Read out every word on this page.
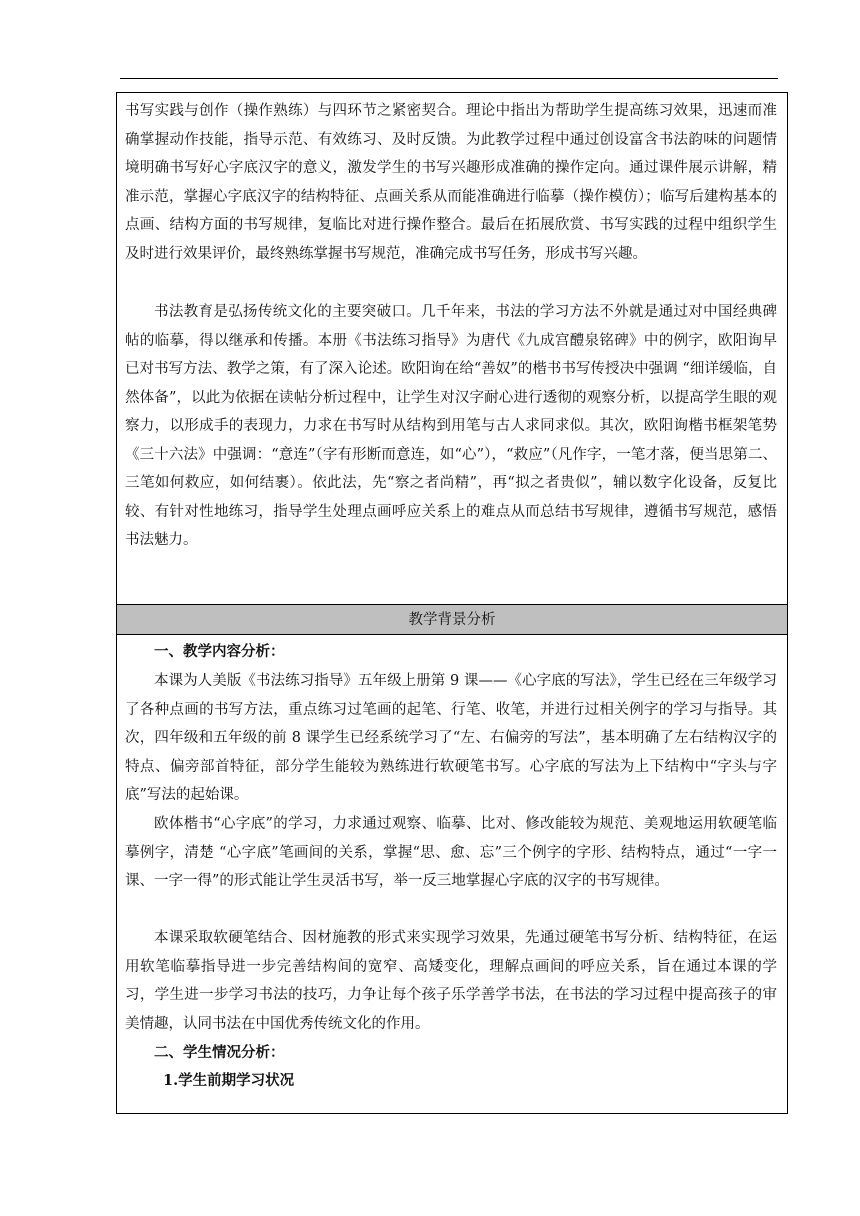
书写实践与创作（操作熟练）与四环节之紧密契合。理论中指出为帮助学生提高练习效果，迅速而准确掌握动作技能，指导示范、有效练习、及时反馈。为此教学过程中通过创设富含书法韵味的问题情境明确书写好心字底汉字的意义，激发学生的书写兴趣形成准确的操作定向。通过课件展示讲解，精准示范，掌握心字底汉字的结构特征、点画关系从而能准确进行临摹（操作模仿）；临写后建构基本的点画、结构方面的书写规律，复临比对进行操作整合。最后在拓展欣赏、书写实践的过程中组织学生及时进行效果评价，最终熟练掌握书写规范，准确完成书写任务，形成书写兴趣。

书法教育是弘扬传统文化的主要突破口。几千年来，书法的学习方法不外就是通过对中国经典碑帖的临摹，得以继承和传播。本册《书法练习指导》为唐代《九成宫醴泉铭碑》中的例字，欧阳询早已对书写方法、教学之策，有了深入论述。欧阳询在给“善奴”的楷书书写传授决中强调 “细详缓临，自然体备”，以此为依据在读帖分析过程中，让学生对汉字耐心进行透彻的观察分析，以提高学生眼的观察力，以形成手的表现力，力求在书写时从结构到用笔与古人求同求似。其次，欧阳询楷书框架笔势《三十六法》中强调：“意连”（字有形断而意连，如“心”），“救应”（凡作字，一笔才落，便当思第二、三笔如何救应，如何结裹）。依此法，先“察之者尚精”，再“拟之者贵似”，辅以数字化设备，反复比较、有针对性地练习，指导学生处理点画呼应关系上的难点从而总结书写规律，遵循书写规范，感悟书法魅力。

教学背景分析

一、教学内容分析：

本课为人美版《书法练习指导》五年级上册第 9 课——《心字底的写法》，学生已经在三年级学习了各种点画的书写方法，重点练习过笔画的起笔、行笔、收笔，并进行过相关例字的学习与指导。其次，四年级和五年级的前 8 课学生已经系统学习了“左、右偏旁的写法”，基本明确了左右结构汉字的特点、偏旁部首特征，部分学生能较为熟练进行软硬笔书写。心字底的写法为上下结构中“字头与字底”写法的起始课。

欧体楷书“心字底”的学习，力求通过观察、临摹、比对、修改能较为规范、美观地运用软硬笔临摹例字，清楚 “心字底”笔画间的关系，掌握“思、愈、忘”三个例字的字形、结构特点，通过“一字一课、一字一得”的形式能让学生灵活书写，举一反三地掌握心字底的汉字的书写规律。

本课采取软硬笔结合、因材施教的形式来实现学习效果，先通过硬笔书写分析、结构特征，在运用软笔临摹指导进一步完善结构间的宽窄、高矮变化，理解点画间的呼应关系，旨在通过本课的学习，学生进一步学习书法的技巧，力争让每个孩子乐学善学书法，在书法的学习过程中提高孩子的审美情趣，认同书法在中国优秀传统文化的作用。

二、学生情况分析：

1.学生前期学习状况
